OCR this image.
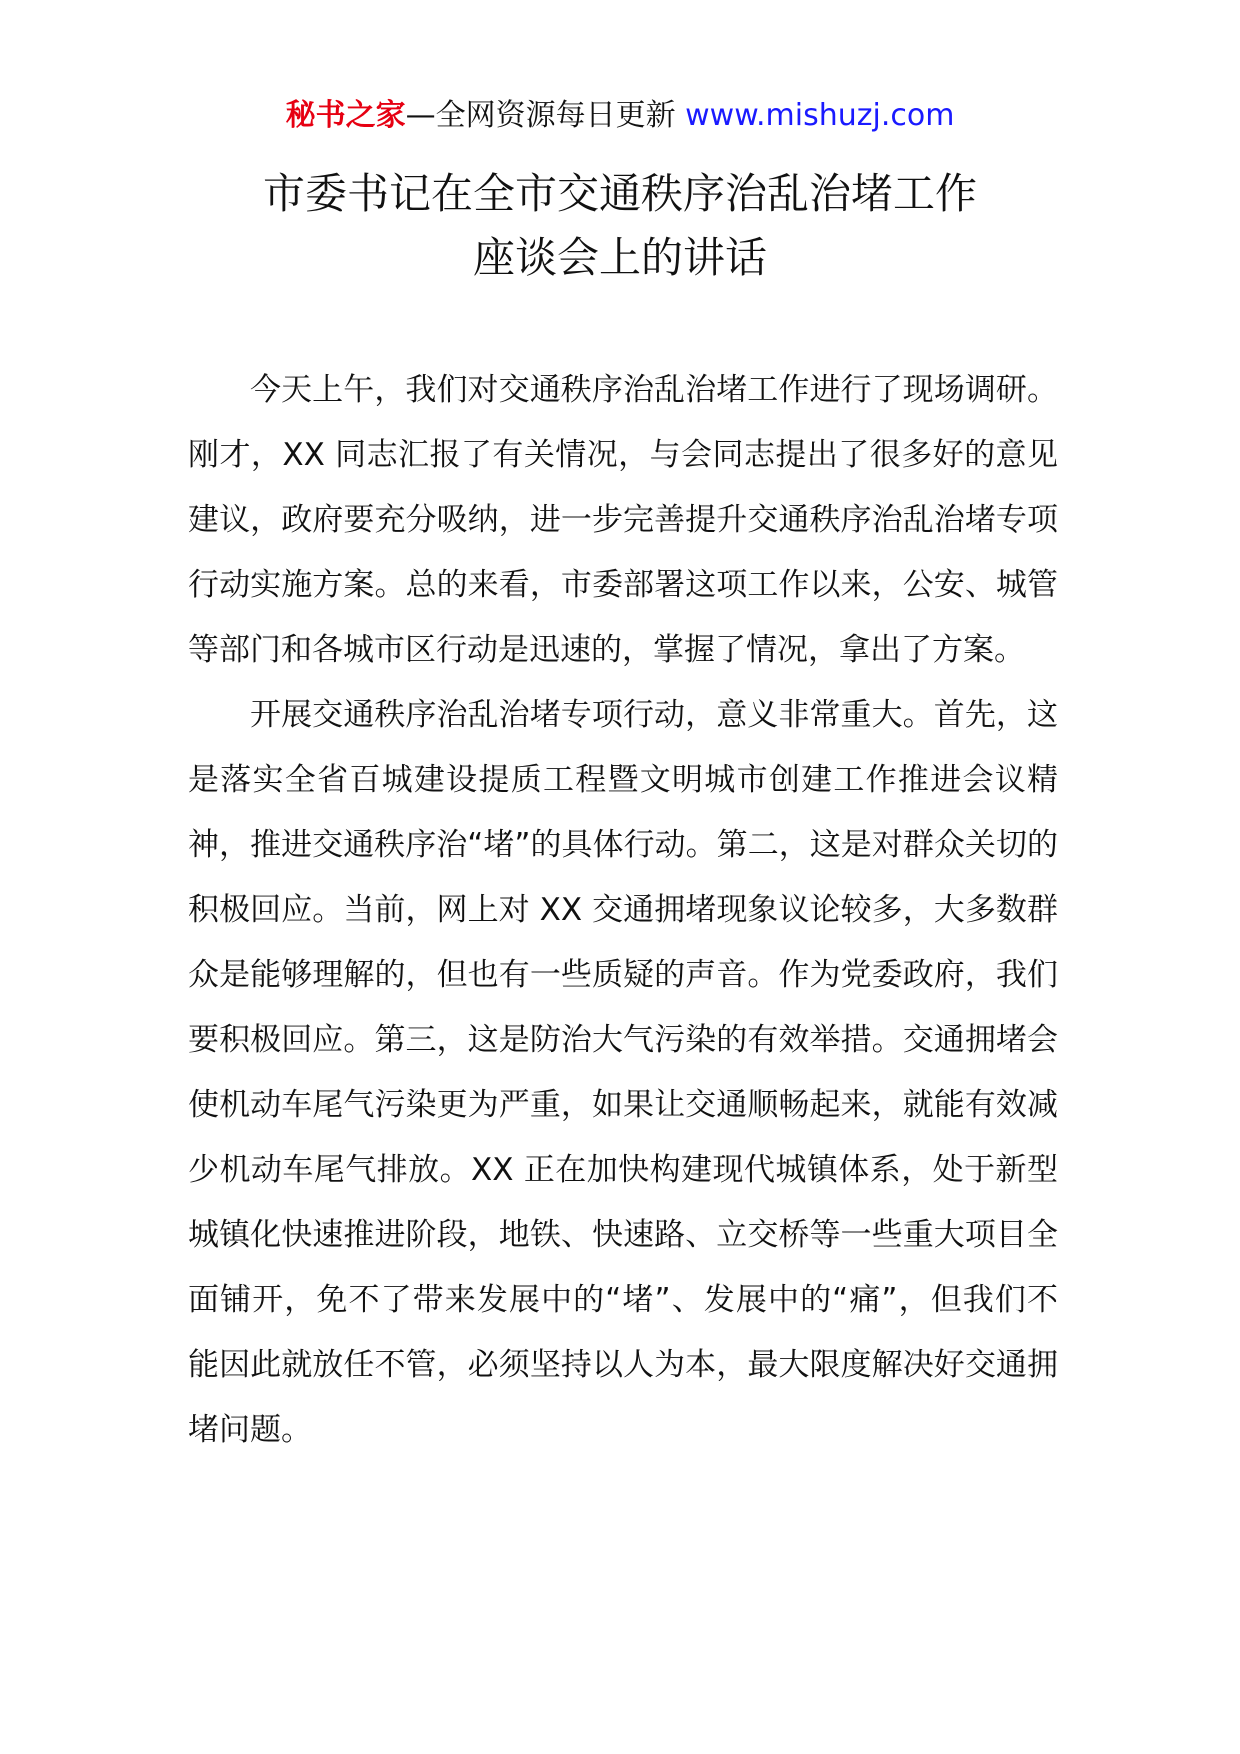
秘书之家—全网资源每日更新 www.mishuzj.com
市委书记在全市交通秩序治乱治堵工作
座谈会上的讲话

今天上午，我们对交通秩序治乱治堵工作进行了现场调研。刚才，XX 同志汇报了有关情况，与会同志提出了很多好的意见建议，政府要充分吸纳，进一步完善提升交通秩序治乱治堵专项行动实施方案。总的来看，市委部署这项工作以来，公安、城管等部门和各城市区行动是迅速的，掌握了情况，拿出了方案。

开展交通秩序治乱治堵专项行动，意义非常重大。首先，这是落实全省百城建设提质工程暨文明城市创建工作推进会议精神，推进交通秩序治“堵”的具体行动。第二，这是对群众关切的积极回应。当前，网上对 XX 交通拥堵现象议论较多，大多数群众是能够理解的，但也有一些质疑的声音。作为党委政府，我们要积极回应。第三，这是防治大气污染的有效举措。交通拥堵会使机动车尾气污染更为严重，如果让交通顺畅起来，就能有效减少机动车尾气排放。XX 正在加快构建现代城镇体系，处于新型城镇化快速推进阶段，地铁、快速路、立交桥等一些重大项目全面铺开，免不了带来发展中的“堵”、发展中的“痛”，但我们不能因此就放任不管，必须坚持以人为本，最大限度解决好交通拥堵问题。
